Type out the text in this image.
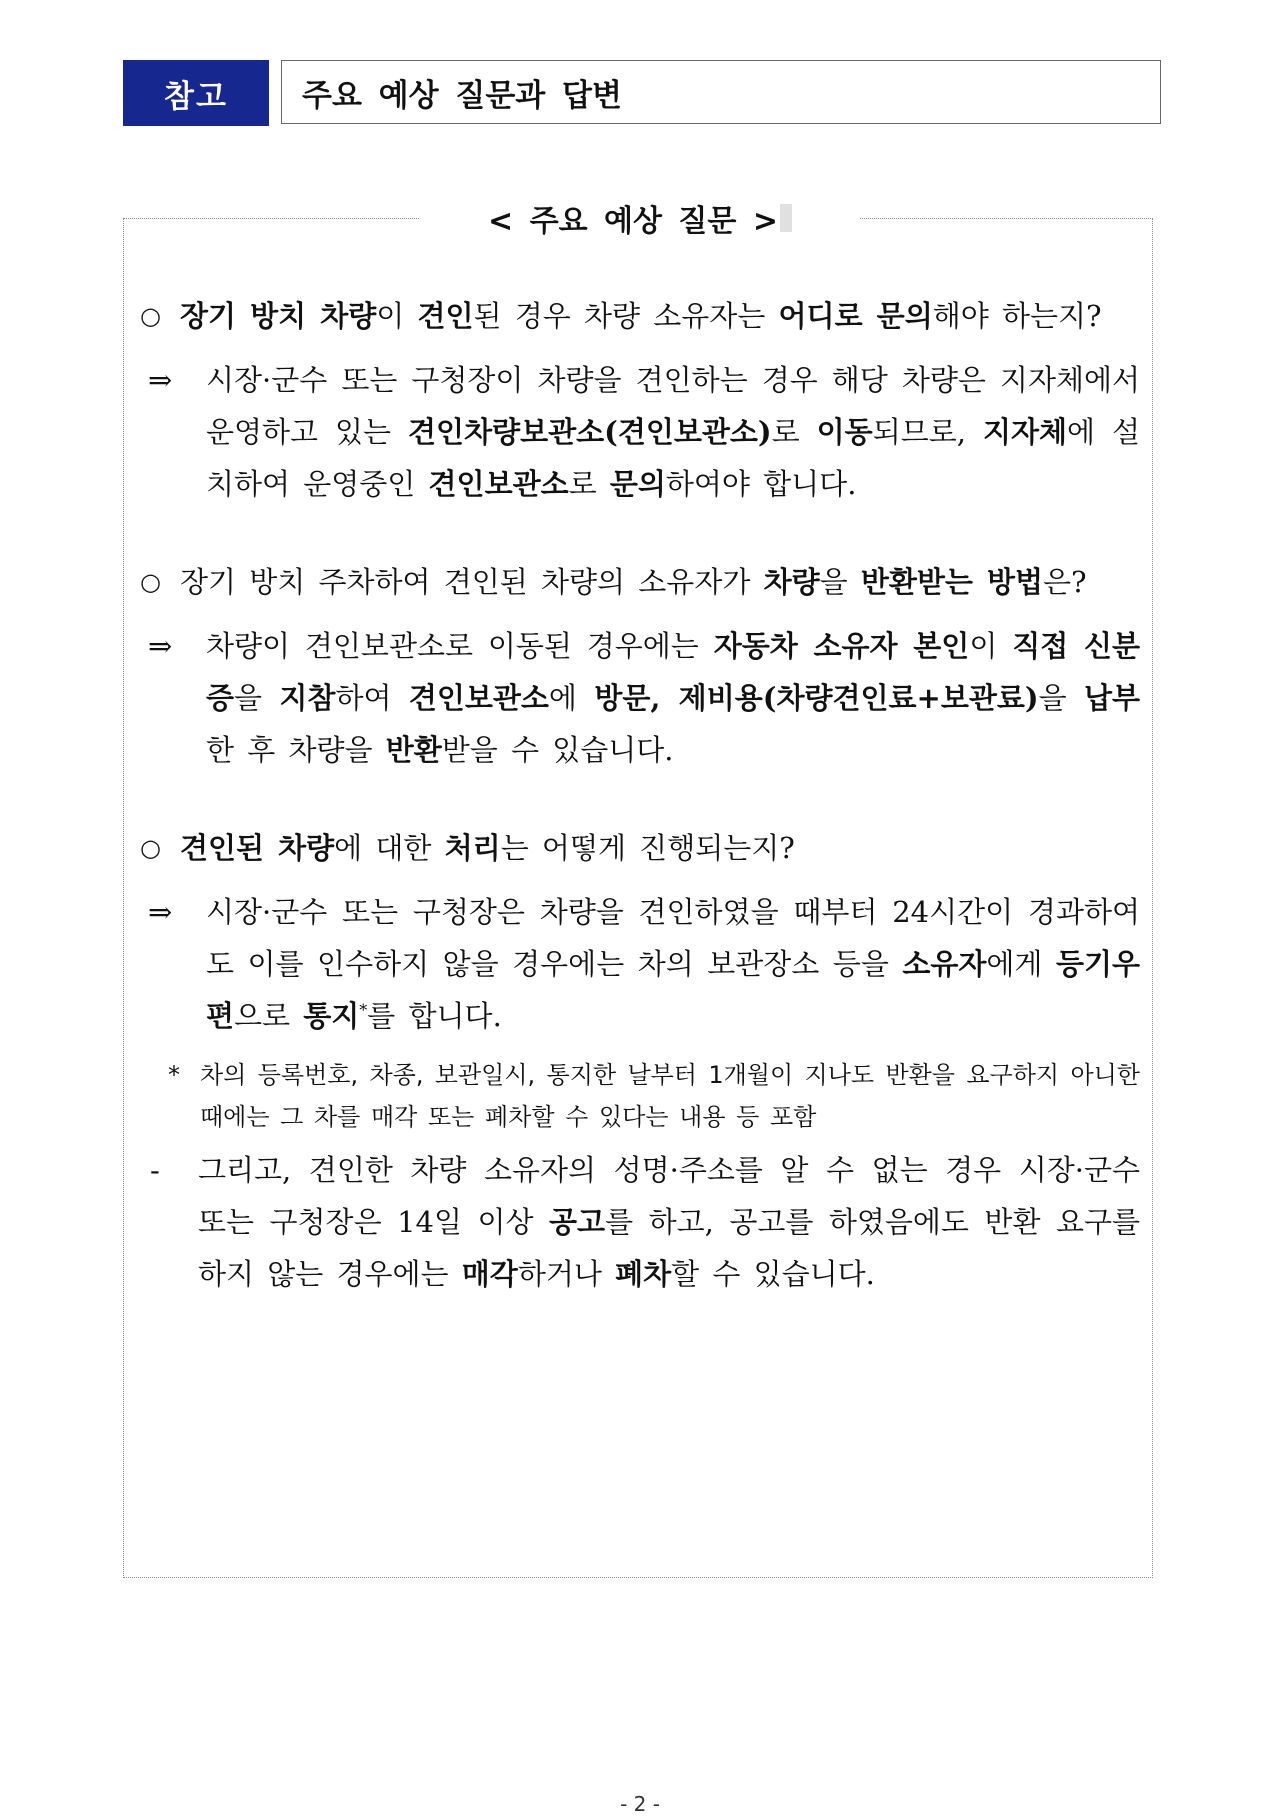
참고	주요 예상 질문과 답변
< 주요 예상 질문 >
○ 장기 방치 차량이 견인된 경우 차량 소유자는 어디로 문의해야 하는지?
⇒ 시장·군수 또는 구청장이 차량을 견인하는 경우 해당 차량은 지자체에서 운영하고 있는 견인차량보관소(견인보관소)로 이동되므로, 지자체에 설치하여 운영중인 견인보관소로 문의하여야 합니다.
○ 장기 방치 주차하여 견인된 차량의 소유자가 차량을 반환받는 방법은?
⇒ 차량이 견인보관소로 이동된 경우에는 자동차 소유자 본인이 직접 신분증을 지참하여 견인보관소에 방문, 제비용(차량견인료+보관료)을 납부한 후 차량을 반환받을 수 있습니다.
○ 견인된 차량에 대한 처리는 어떻게 진행되는지?
⇒ 시장·군수 또는 구청장은 차량을 견인하였을 때부터 24시간이 경과하여도 이를 인수하지 않을 경우에는 차의 보관장소 등을 소유자에게 등기우편으로 통지*를 합니다.
* 차의 등록번호, 차종, 보관일시, 통지한 날부터 1개월이 지나도 반환을 요구하지 아니한 때에는 그 차를 매각 또는 폐차할 수 있다는 내용 등 포함
- 그리고, 견인한 차량 소유자의 성명·주소를 알 수 없는 경우 시장·군수 또는 구청장은 14일 이상 공고를 하고, 공고를 하였음에도 반환 요구를 하지 않는 경우에는 매각하거나 폐차할 수 있습니다.
- 2 -
